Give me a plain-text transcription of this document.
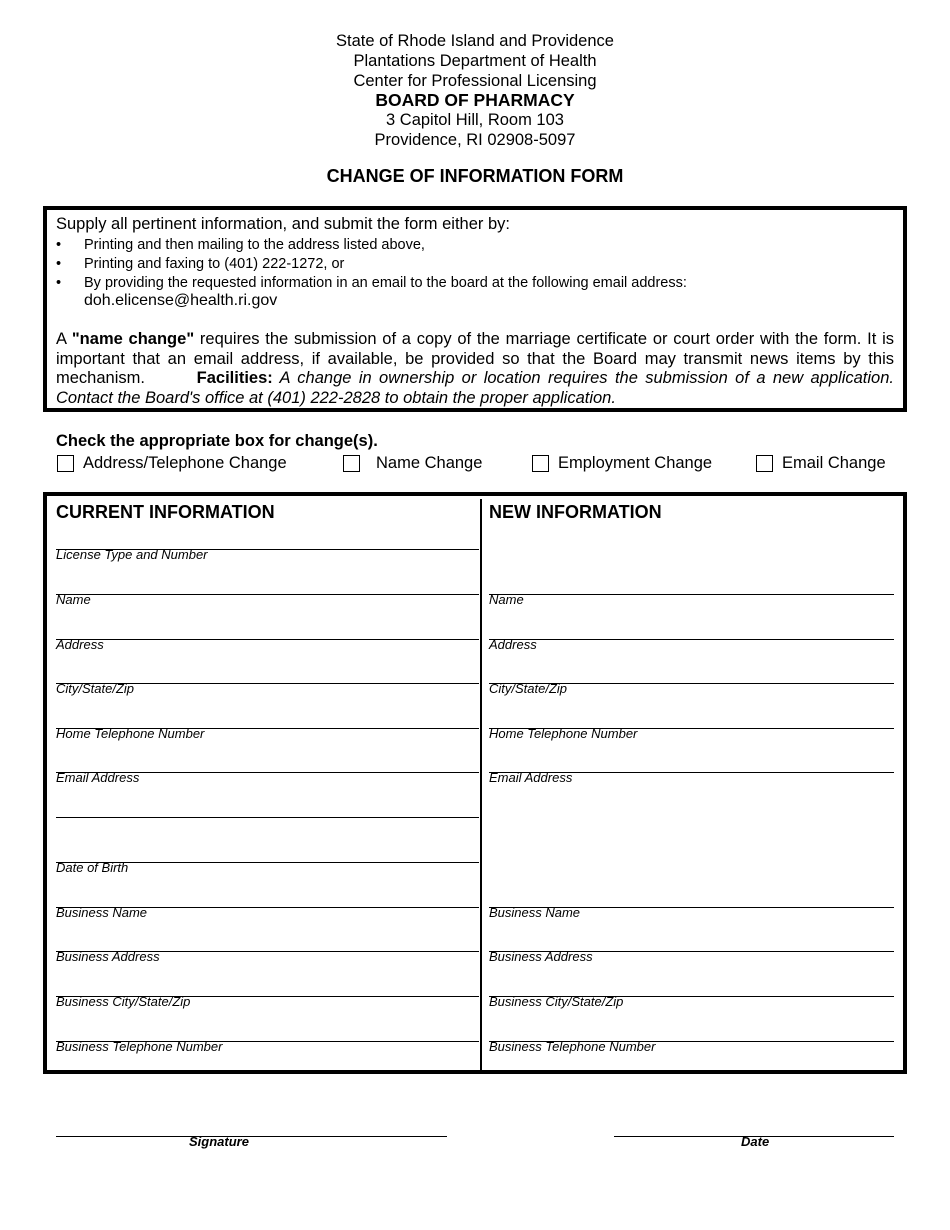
State of Rhode Island and Providence
Plantations Department of Health
Center for Professional Licensing
BOARD OF PHARMACY
3 Capitol Hill, Room 103
Providence, RI 02908-5097
CHANGE OF INFORMATION FORM
Supply all pertinent information, and submit the form either by:
• Printing and then mailing to the address listed above,
• Printing and faxing to (401) 222-1272, or
• By providing the requested information in an email to the board at the following email address:
doh.elicense@health.ri.gov
A "name change" requires the submission of a copy of the marriage certificate or court order with the form. It is important that an email address, if available, be provided so that the Board may transmit news items by this mechanism.	Facilities: A change in ownership or location requires the submission of a new application. Contact the Board's office at (401) 222-2828 to obtain the proper application.
Check the appropriate box for change(s).
Address/Telephone Change	Name Change	Employment Change	Email Change
CURRENT INFORMATION	NEW INFORMATION
License Type and Number
Name
Address
City/State/Zip
Home Telephone Number
Email Address
Date of Birth
Business Name
Business Address
Business City/State/Zip
Business Telephone Number
Name
Address
City/State/Zip
Home Telephone Number
Email Address
Business Name
Business Address
Business City/State/Zip
Business Telephone Number
Signature	Date
